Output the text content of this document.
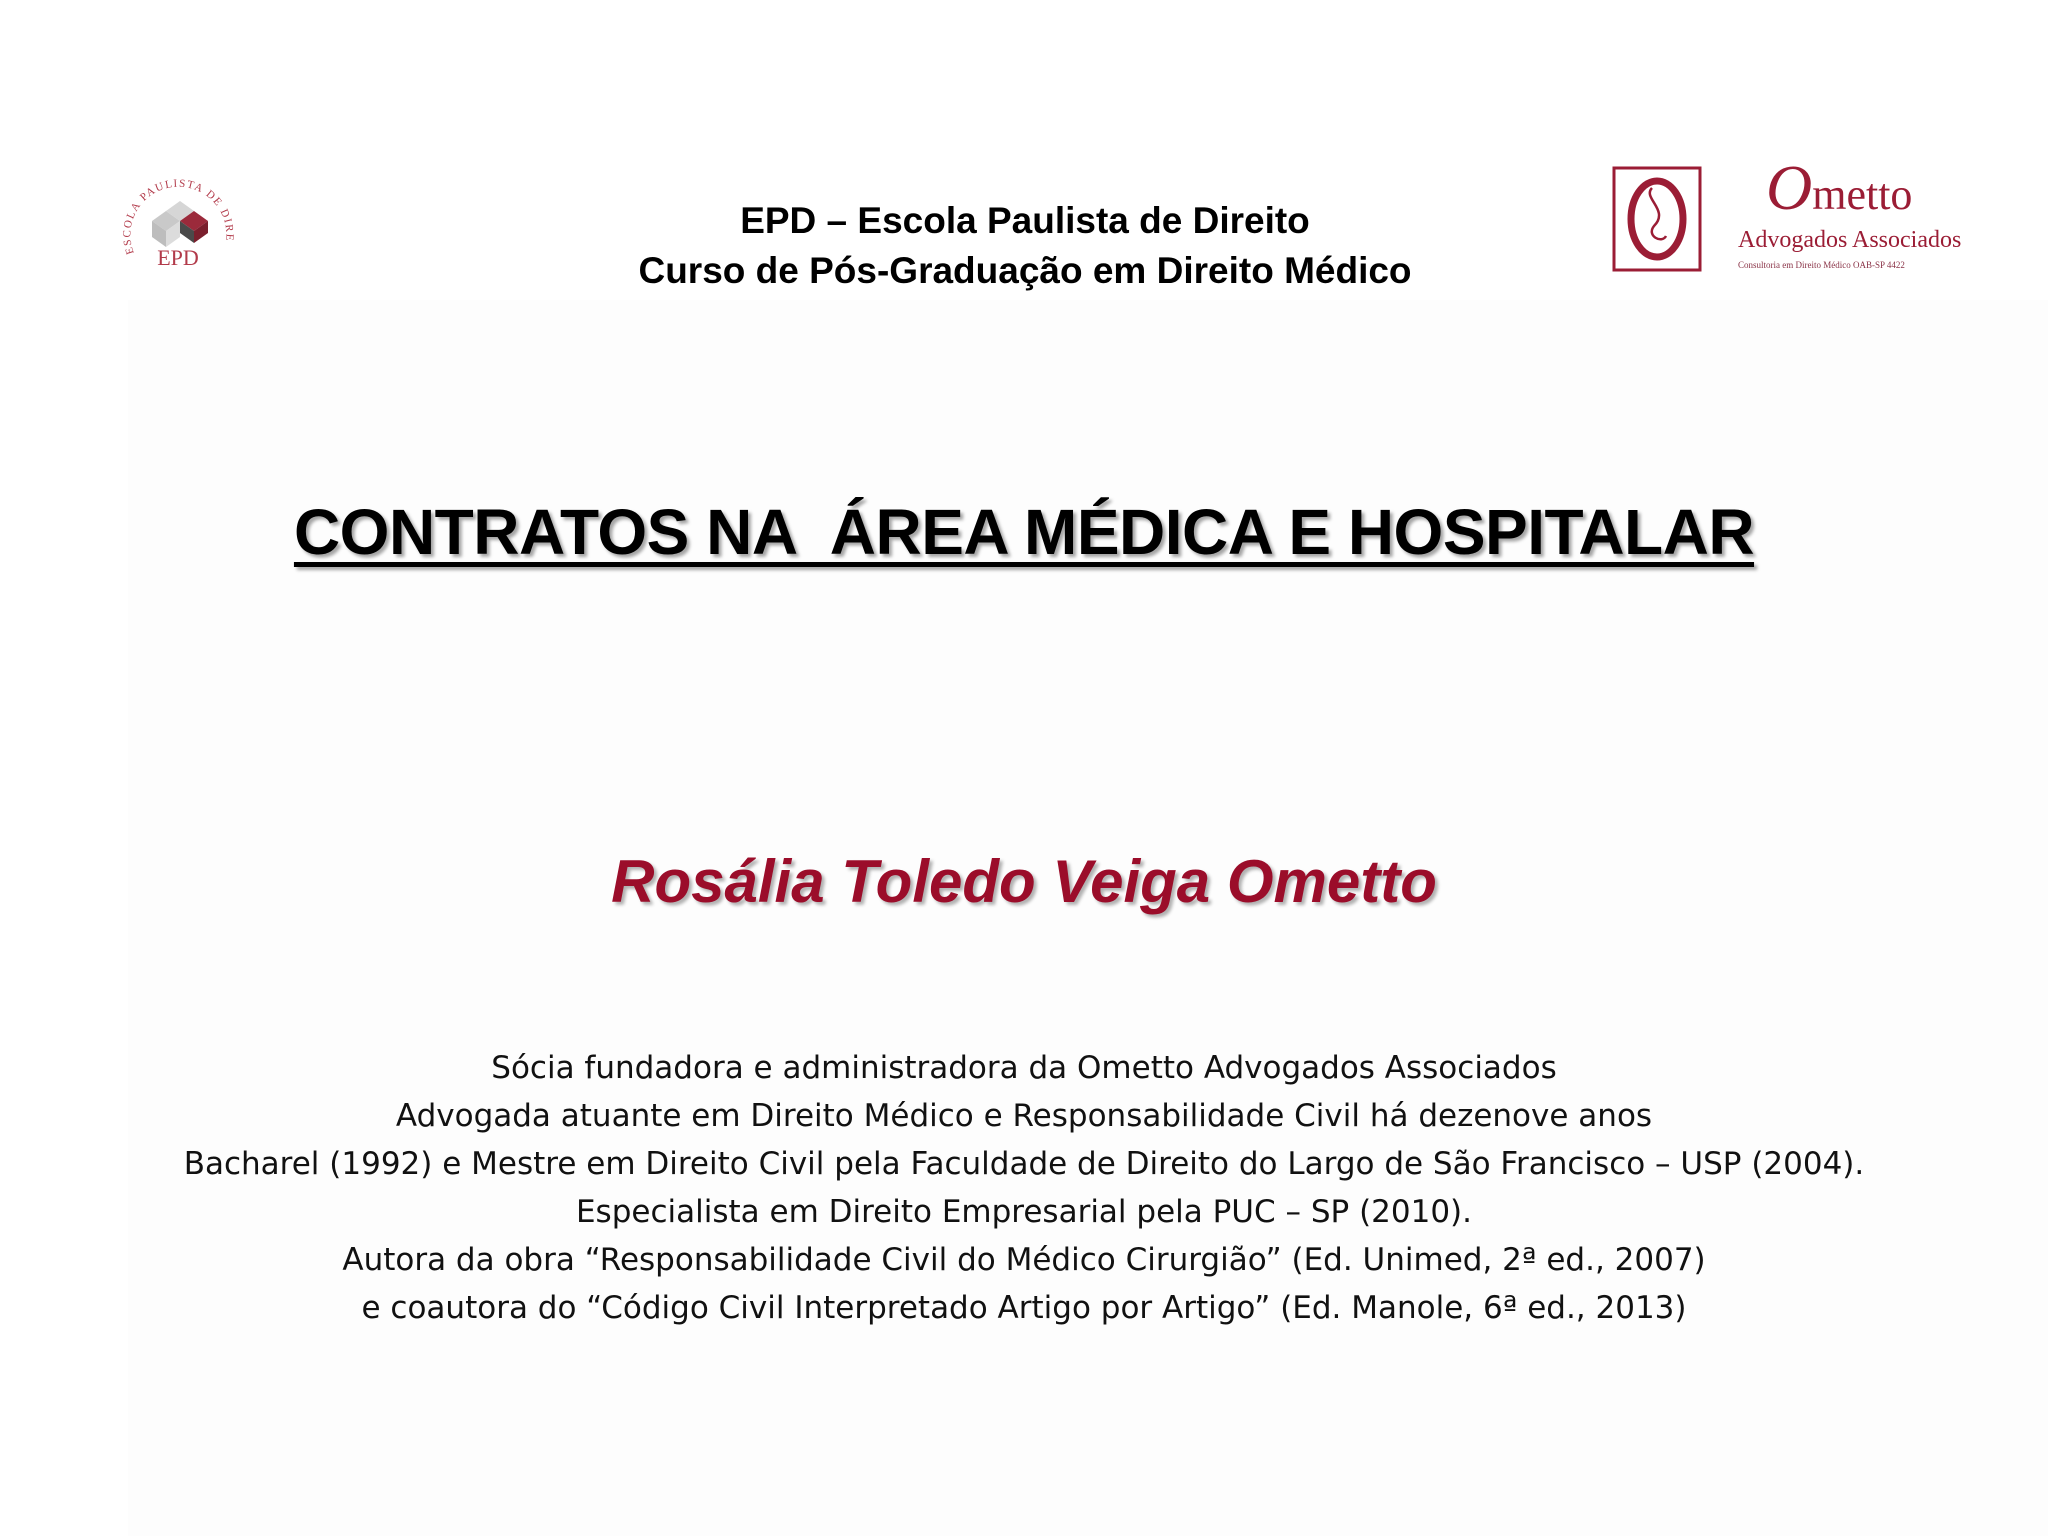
ESCOLA PAULISTA DE DIRE
EPD
EPD – Escola Paulista de Direito
Curso de Pós-Graduação em Direito Médico
Ometto
Advogados Associados
Consultoria em Direito Médico OAB-SP 4422
CONTRATOS NA  ÁREA MÉDICA E HOSPITALAR
Rosália Toledo Veiga Ometto
Sócia fundadora e administradora da Ometto Advogados Associados
Advogada atuante em Direito Médico e Responsabilidade Civil há dezenove anos
Bacharel (1992) e Mestre em Direito Civil pela Faculdade de Direito do Largo de São Francisco – USP (2004).
Especialista em Direito Empresarial pela PUC – SP (2010).
Autora da obra “Responsabilidade Civil do Médico Cirurgião” (Ed. Unimed, 2ª ed., 2007)
e coautora do “Código Civil Interpretado Artigo por Artigo” (Ed. Manole, 6ª ed., 2013)
